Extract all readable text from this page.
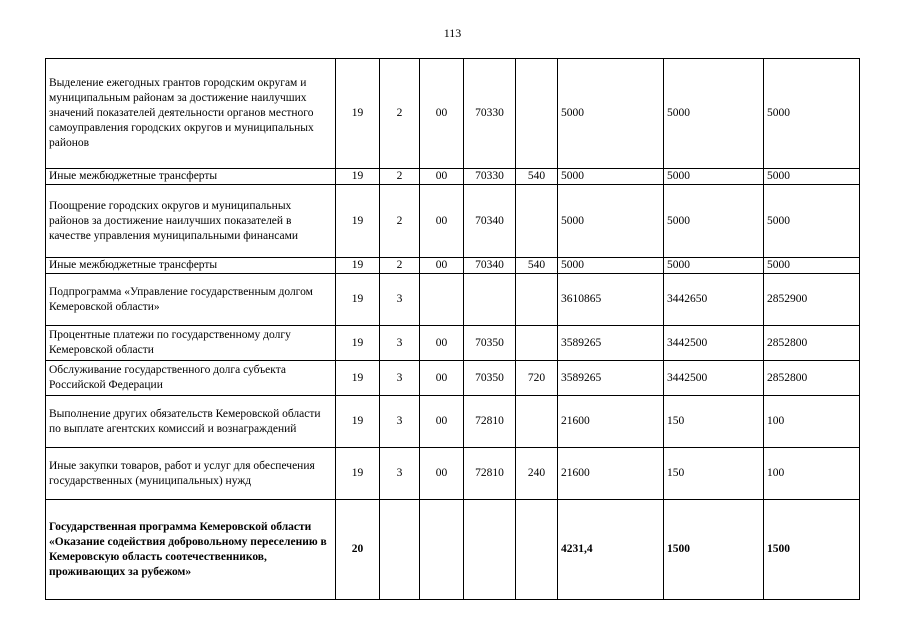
113
Выделение ежегодных грантов городским округам и муниципальным районам за достижение наилучших значений показателей деятельности органов местного самоуправления городских округов и муниципальных районов	19	2	00	70330		5000	5000	5000
Иные межбюджетные трансферты	19	2	00	70330	540	5000	5000	5000
Поощрение городских округов и муниципальных районов за достижение наилучших показателей в качестве управления муниципальными финансами	19	2	00	70340		5000	5000	5000
Иные межбюджетные трансферты	19	2	00	70340	540	5000	5000	5000
Подпрограмма «Управление государственным долгом Кемеровской области»	19	3				3610865	3442650	2852900
Процентные платежи по государственному долгу Кемеровской области	19	3	00	70350		3589265	3442500	2852800
Обслуживание государственного долга субъекта Российской Федерации	19	3	00	70350	720	3589265	3442500	2852800
Выполнение других обязательств Кемеровской области по выплате агентских комиссий и вознаграждений	19	3	00	72810		21600	150	100
Иные закупки товаров, работ и услуг для обеспечения государственных (муниципальных) нужд	19	3	00	72810	240	21600	150	100
Государственная программа Кемеровской области «Оказание содействия добровольному переселению в Кемеровскую область соотечественников, проживающих за рубежом»	20					4231,4	1500	1500
